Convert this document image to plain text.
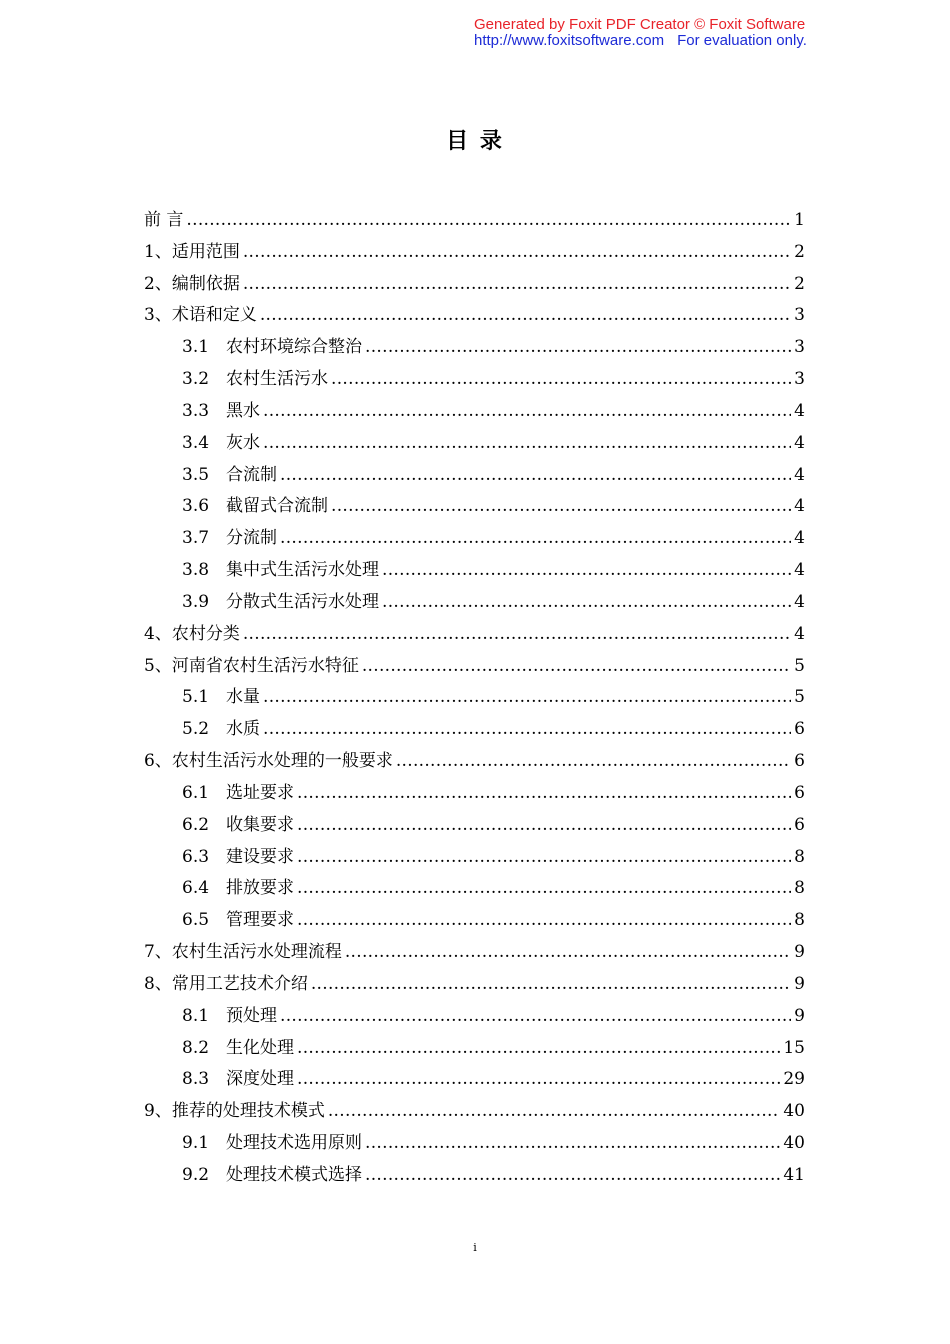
Generated by Foxit PDF Creator © Foxit Software
http://www.foxitsoftware.com For evaluation only.
目 录
前 言 .....	1
1、 适用范围 .....	2
2、 编制依据 .....	2
3、 术语和定义 .....	3
3.1 农村环境综合整治 .....	3
3.2 农村生活污水 .....	3
3.3 黑水 .....	4
3.4 灰水 .....	4
3.5 合流制 .....	4
3.6 截留式合流制 .....	4
3.7 分流制 .....	4
3.8 集中式生活污水处理 .....	4
3.9 分散式生活污水处理 .....	4
4、 农村分类 .....	4
5、 河南省农村生活污水特征 .....	5
5.1 水量 .....	5
5.2 水质 .....	6
6、 农村生活污水处理的一般要求 .....	6
6.1 选址要求 .....	6
6.2 收集要求 .....	6
6.3 建设要求 .....	8
6.4 排放要求 .....	8
6.5 管理要求 .....	8
7、 农村生活污水处理流程 .....	9
8、 常用工艺技术介绍 .....	9
8.1 预处理 .....	9
8.2 生化处理 .....	15
8.3 深度处理 .....	29
9、 推荐的处理技术模式 .....	40
9.1 处理技术选用原则 .....	40
9.2 处理技术模式选择 .....	41
i
